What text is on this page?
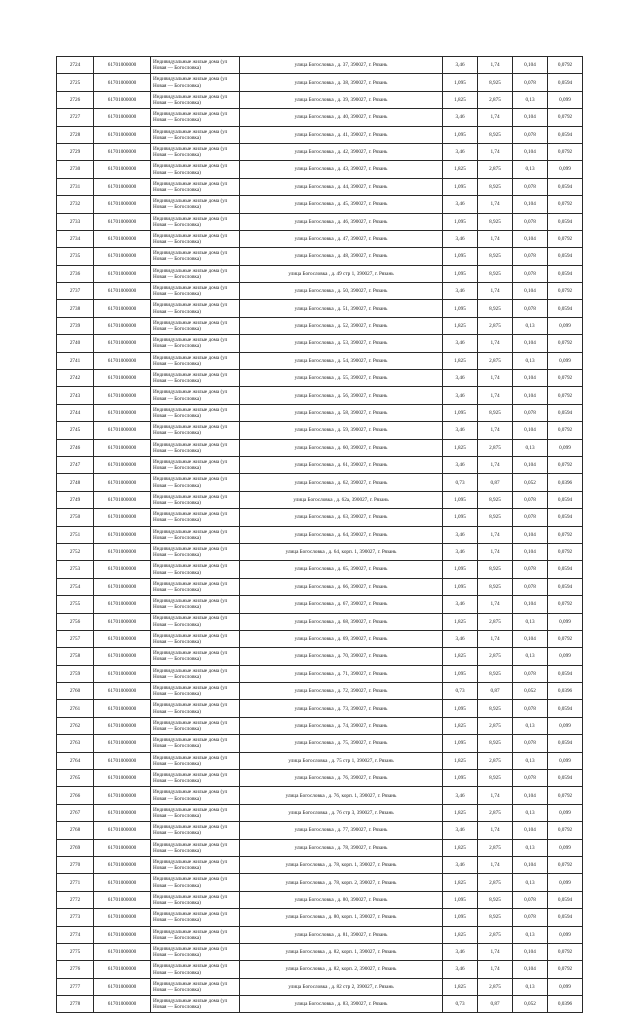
2724	61701000000	Индивидуальные жилые дома (ул Новая — Богословка)	улица Богословка , д. 37, 390027, г. Рязань	3,46	1,74	0,104	0,0792
2725	61701000000	Индивидуальные жилые дома (ул Новая — Богословка)	улица Богословка , д. 38, 390027, г. Рязань	1,095	8,925	0,078	0,0594
2726	61701000000	Индивидуальные жилые дома (ул Новая — Богословка)	улица Богословка , д. 39, 390027, г. Рязань	1,825	2,875	0,13	0,099
2727	61701000000	Индивидуальные жилые дома (ул Новая — Богословка)	улица Богословка , д. 40, 390027, г. Рязань	3,46	1,74	0,104	0,0792
2728	61701000000	Индивидуальные жилые дома (ул Новая — Богословка)	улица Богословка , д. 41, 390027, г. Рязань	1,095	8,925	0,078	0,0594
2729	61701000000	Индивидуальные жилые дома (ул Новая — Богословка)	улица Богословка , д. 42, 390027, г. Рязань	3,46	1,74	0,104	0,0792
2730	61701000000	Индивидуальные жилые дома (ул Новая — Богословка)	улица Богословка , д. 43, 390027, г. Рязань	1,825	2,875	0,13	0,099
2731	61701000000	Индивидуальные жилые дома (ул Новая — Богословка)	улица Богословка , д. 44, 390027, г. Рязань	1,095	8,925	0,078	0,0594
2732	61701000000	Индивидуальные жилые дома (ул Новая — Богословка)	улица Богословка , д. 45, 390027, г. Рязань	3,46	1,74	0,104	0,0792
2733	61701000000	Индивидуальные жилые дома (ул Новая — Богословка)	улица Богословка , д. 46, 390027, г. Рязань	1,095	8,925	0,078	0,0594
2734	61701000000	Индивидуальные жилые дома (ул Новая — Богословка)	улица Богословка , д. 47, 390027, г. Рязань	3,46	1,74	0,104	0,0792
2735	61701000000	Индивидуальные жилые дома (ул Новая — Богословка)	улица Богословка , д. 48, 390027, г. Рязань	1,095	8,925	0,078	0,0594
2736	61701000000	Индивидуальные жилые дома (ул Новая — Богословка)	улица Богословка , д. 49 стр 1, 390027, г. Рязань	1,095	8,925	0,078	0,0594
2737	61701000000	Индивидуальные жилые дома (ул Новая — Богословка)	улица Богословка , д. 50, 390027, г. Рязань	3,46	1,74	0,104	0,0792
2738	61701000000	Индивидуальные жилые дома (ул Новая — Богословка)	улица Богословка , д. 51, 390027, г. Рязань	1,095	8,925	0,078	0,0594
2739	61701000000	Индивидуальные жилые дома (ул Новая — Богословка)	улица Богословка , д. 52, 390027, г. Рязань	1,825	2,875	0,13	0,099
2740	61701000000	Индивидуальные жилые дома (ул Новая — Богословка)	улица Богословка , д. 53, 390027, г. Рязань	3,46	1,74	0,104	0,0792
2741	61701000000	Индивидуальные жилые дома (ул Новая — Богословка)	улица Богословка , д. 54, 390027, г. Рязань	1,825	2,875	0,13	0,099
2742	61701000000	Индивидуальные жилые дома (ул Новая — Богословка)	улица Богословка , д. 55, 390027, г. Рязань	3,46	1,74	0,104	0,0792
2743	61701000000	Индивидуальные жилые дома (ул Новая — Богословка)	улица Богословка , д. 56, 390027, г. Рязань	3,46	1,74	0,104	0,0792
2744	61701000000	Индивидуальные жилые дома (ул Новая — Богословка)	улица Богословка , д. 58, 390027, г. Рязань	1,095	8,925	0,078	0,0594
2745	61701000000	Индивидуальные жилые дома (ул Новая — Богословка)	улица Богословка , д. 59, 390027, г. Рязань	3,46	1,74	0,104	0,0792
2746	61701000000	Индивидуальные жилые дома (ул Новая — Богословка)	улица Богословка , д. 60, 390027, г. Рязань	1,825	2,875	0,13	0,099
2747	61701000000	Индивидуальные жилые дома (ул Новая — Богословка)	улица Богословка , д. 61, 390027, г. Рязань	3,46	1,74	0,104	0,0792
2748	61701000000	Индивидуальные жилые дома (ул Новая — Богословка)	улица Богословка , д. 62, 390027, г. Рязань	0,73	0,87	0,052	0,0396
2749	61701000000	Индивидуальные жилые дома (ул Новая — Богословка)	улица Богословка , д. 62а, 390027, г. Рязань	1,095	8,925	0,078	0,0594
2750	61701000000	Индивидуальные жилые дома (ул Новая — Богословка)	улица Богословка , д. 63, 390027, г. Рязань	1,095	8,925	0,078	0,0594
2751	61701000000	Индивидуальные жилые дома (ул Новая — Богословка)	улица Богословка , д. 64, 390027, г. Рязань	3,46	1,74	0,104	0,0792
2752	61701000000	Индивидуальные жилые дома (ул Новая — Богословка)	улица Богословка , д. 64, корп. 1, 390027, г. Рязань	3,46	1,74	0,104	0,0792
2753	61701000000	Индивидуальные жилые дома (ул Новая — Богословка)	улица Богословка , д. 65, 390027, г. Рязань	1,095	8,925	0,078	0,0594
2754	61701000000	Индивидуальные жилые дома (ул Новая — Богословка)	улица Богословка , д. 66, 390027, г. Рязань	1,095	8,925	0,078	0,0594
2755	61701000000	Индивидуальные жилые дома (ул Новая — Богословка)	улица Богословка , д. 67, 390027, г. Рязань	3,46	1,74	0,104	0,0792
2756	61701000000	Индивидуальные жилые дома (ул Новая — Богословка)	улица Богословка , д. 68, 390027, г. Рязань	1,825	2,875	0,13	0,099
2757	61701000000	Индивидуальные жилые дома (ул Новая — Богословка)	улица Богословка , д. 69, 390027, г. Рязань	3,46	1,74	0,104	0,0792
2758	61701000000	Индивидуальные жилые дома (ул Новая — Богословка)	улица Богословка , д. 70, 390027, г. Рязань	1,825	2,875	0,13	0,099
2759	61701000000	Индивидуальные жилые дома (ул Новая — Богословка)	улица Богословка , д. 71, 390027, г. Рязань	1,095	8,925	0,078	0,0594
2760	61701000000	Индивидуальные жилые дома (ул Новая — Богословка)	улица Богословка , д. 72, 390027, г. Рязань	0,73	0,87	0,052	0,0396
2761	61701000000	Индивидуальные жилые дома (ул Новая — Богословка)	улица Богословка , д. 73, 390027, г. Рязань	1,095	8,925	0,078	0,0594
2762	61701000000	Индивидуальные жилые дома (ул Новая — Богословка)	улица Богословка , д. 74, 390027, г. Рязань	1,825	2,875	0,13	0,099
2763	61701000000	Индивидуальные жилые дома (ул Новая — Богословка)	улица Богословка , д. 75, 390027, г. Рязань	1,095	8,925	0,078	0,0594
2764	61701000000	Индивидуальные жилые дома (ул Новая — Богословка)	улица Богословка , д. 75 стр 1, 390027, г. Рязань	1,825	2,875	0,13	0,099
2765	61701000000	Индивидуальные жилые дома (ул Новая — Богословка)	улица Богословка , д. 76, 390027, г. Рязань	1,095	8,925	0,078	0,0594
2766	61701000000	Индивидуальные жилые дома (ул Новая — Богословка)	улица Богословка , д. 76, корп. 1, 390027, г. Рязань	3,46	1,74	0,104	0,0792
2767	61701000000	Индивидуальные жилые дома (ул Новая — Богословка)	улица Богословка , д. 76 стр 3, 390027, г. Рязань	1,825	2,875	0,13	0,099
2768	61701000000	Индивидуальные жилые дома (ул Новая — Богословка)	улица Богословка , д. 77, 390027, г. Рязань	3,46	1,74	0,104	0,0792
2769	61701000000	Индивидуальные жилые дома (ул Новая — Богословка)	улица Богословка , д. 78, 390027, г. Рязань	1,825	2,875	0,13	0,099
2770	61701000000	Индивидуальные жилые дома (ул Новая — Богословка)	улица Богословка , д. 78, корп. 1, 390027, г. Рязань	3,46	1,74	0,104	0,0792
2771	61701000000	Индивидуальные жилые дома (ул Новая — Богословка)	улица Богословка , д. 78, корп. 2, 390027, г. Рязань	1,825	2,875	0,13	0,099
2772	61701000000	Индивидуальные жилые дома (ул Новая — Богословка)	улица Богословка , д. 80, 390027, г. Рязань	1,095	8,925	0,078	0,0594
2773	61701000000	Индивидуальные жилые дома (ул Новая — Богословка)	улица Богословка , д. 80, корп. 1, 390027, г. Рязань	1,095	8,925	0,078	0,0594
2774	61701000000	Индивидуальные жилые дома (ул Новая — Богословка)	улица Богословка , д. 81, 390027, г. Рязань	1,825	2,875	0,13	0,099
2775	61701000000	Индивидуальные жилые дома (ул Новая — Богословка)	улица Богословка , д. 82, корп. 1, 390027, г. Рязань	3,46	1,74	0,104	0,0792
2776	61701000000	Индивидуальные жилые дома (ул Новая — Богословка)	улица Богословка , д. 82, корп. 2, 390027, г. Рязань	3,46	1,74	0,104	0,0792
2777	61701000000	Индивидуальные жилые дома (ул Новая — Богословка)	улица Богословка , д. 82 стр 2, 390027, г. Рязань	1,825	2,875	0,13	0,099
2778	61701000000	Индивидуальные жилые дома (ул Новая — Богословка)	улица Богословка , д. 83, 390027, г. Рязань	0,73	0,87	0,052	0,0396
